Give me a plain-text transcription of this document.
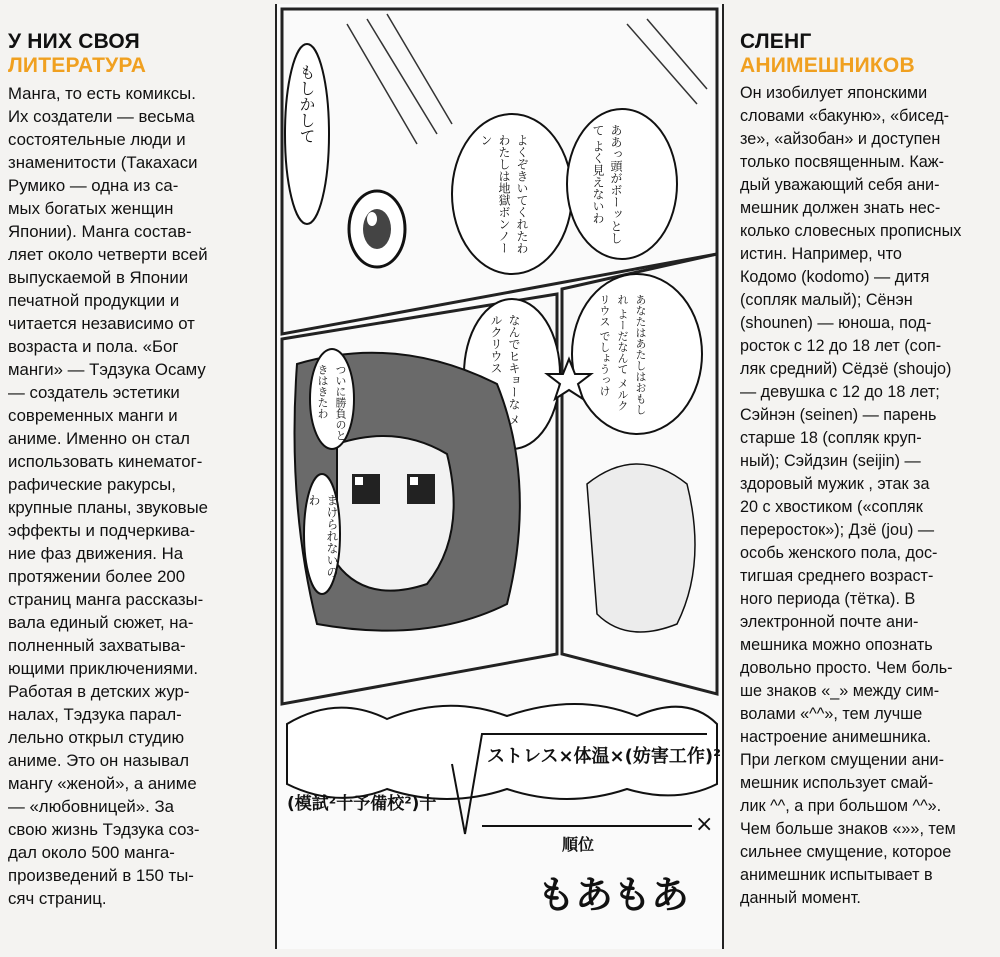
У НИХ СВОЯ
ЛИТЕРАТУРА
Манга, то есть комиксы.
Их создатели — весьма
состоятельные люди и
знаменитости (Такахаси
Румико — одна из са-
мых богатых женщин
Японии). Манга состав-
ляет около четверти всей
выпускаемой в Японии
печатной продукции и
читается независимо от
возраста и пола. «Бог
манги» — Тэдзука Осаму
— создатель эстетики
современных манги и
аниме. Именно он стал
использовать кинематог-
рафические ракурсы,
крупные планы, звуковые
эффекты и подчеркива-
ние фаз движения. На
протяжении более 200
страниц манга рассказы-
вала единый сюжет, на-
полненный захватыва-
ющими приключениями.
Работая в детских жур-
налах, Тэдзука парал-
лельно открыл студию
аниме. Это он называл
мангу «женой», а аниме
— «любовницей». За
свою жизнь Тэдзука соз-
дал около 500 манга-
произведений в 150 ты-
сяч страниц.
もしかして
よくぞきいてくれたわ わたしは地獄ボンノーン	ああっ頭がボーッとして よく見えないわ
なんでヒキョーな メルクリウス	あなたはあたしはおもしれ よーだなんて メルクリウス でしょうっけ
ついに勝負のときはきたわ
まけられないのわ
(模試²十予備校²)十
ストレス×体温×(妨害工作)²
順位
×
もあもあ
СЛЕНГ
АНИМЕШНИКОВ
Он изобилует японскими
словами «бакуню», «бисед-
зе», «айзобан» и доступен
только посвященным. Каж-
дый уважающий себя ани-
мешник должен знать нес-
колько словесных прописных
истин. Например, что
Кодомо (kodomo) — дитя
(сопляк малый); Сёнэн
(shounen) — юноша, под-
росток с 12 до 18 лет (соп-
ляк средний) Сёдзё (shoujo)
— девушка с 12 до 18 лет;
Сэйнэн (seinen) — парень
старше 18 (сопляк круп-
ный); Сэйдзин (seijin) —
здоровый мужик , этак за
20 с хвостиком («сопляк
переросток»); Дзё (jou) —
особь женского пола, дос-
тигшая среднего возраст-
ного периода (тётка). В
электронной почте ани-
мешника можно опознать
довольно просто. Чем боль-
ше знаков «_» между сим-
волами «^^», тем лучше
настроение анимешника.
При легком смущении ани-
мешник использует смай-
лик ^^, а при большом ^^».
Чем больше знаков «»», тем
сильнее смущение, которое
анимешник испытывает в
данный момент.
